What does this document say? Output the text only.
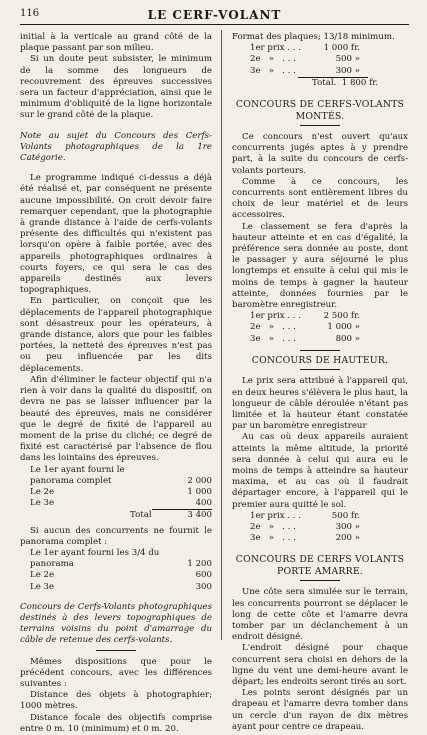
116	LE CERF-VOLANT

initial à la verticale au grand côté de la plaque passant par son milieu.

Si un doute peut subsister, le minimum de la somme des longueurs de recouvrement des épreuves successives sera un facteur d'appréciation, ainsi que le minimum d'obliquité de la ligne horizontale sur le grand côté de la plaque.

Note au sujet du Concours des Cerfs-Volants photographiques de la 1re Catégorie.

Le programme indiqué ci-dessus a déjà été réalisé et, par conséquent ne présente aucune impossibilité. On croit devoir faire remarquer cependant, que la photographie à grande distance à l'aide de cerfs-volants présente des difficultés qui n'existent pas lorsqu'on opère à faible portée, avec des appareils photographiques ordinaires à courts foyers, ce qui sera le cas des appareils destinés aux levers topographiques.

En particulier, on conçoit que les déplacements de l'appareil photographique sont désastreux pour les opérateurs, à grande distance, alors que pour les faibles portées, la netteté des épreuves n'est pas ou peu influencée par les dits déplacements.

Afin d'éliminer le facteur objectif qui n'a rien à voir dans la qualité du dispositif, on devra ne pas se laisser influencer par la beauté des épreuves, mais ne considérer que le degré de fixité de l'appareil au moment de la prise du cliché; ce degré de fixité est caractérisé par l'absence de flou dans les lointains des épreuves.

Le 1er ayant fourni le panorama complet	2 000
Le 2e	1 000
Le 3e	400
Total	3 400

Si aucun des concurrents ne fournit le panorama complet :

Le 1er ayant fourni les 3/4 du panorama	1 200
Le 2e	600
Le 3e	300

Concours de Cerfs-Volants photographiques destinés à des levers topographiques de terrains voisins du point d'amarrage du câble de retenue des cerfs-volants.

Mêmes dispositions que pour le précédent concours, avec les différences suivantes :

Distance des objets à photographier; 1000 mètres.

Distance focale des objectifs comprise entre 0 m. 10 (minimum) et 0 m. 20.

Format des plaques; 13/18 minimum.

1er prix . . .	1 000 fr.
2e   »   . . .	500 »
3e   »   . . .	300 »
Total.  1 800 fr.
CONCOURS DE CERFS-VOLANTS MONTÉS.

Ce concours n'est ouvert qu'aux concurrents jugés aptes à y prendre part, à la suite du concours de cerfs-volants porteurs.

Comme à ce concours, les concurrents sont entièrement libres du choix de leur matériel et de leurs accessoires.

Le classement se fera d'après la hauteur atteinte et en cas d'égalité, la préférence sera donnée au poste, dont le passager y aura séjourné le plus longtemps et ensuite à celui qui mis le moins de temps à gagner la hauteur atteinte, données fournies par le baromètre enregistreur.

1er prix . . .	2 500 fr.
2e   »   . . .	1 000 »
3e   »   . . .	800 »
CONCOURS DE HAUTEUR.

Le prix sera attribué à l'appareil qui, en deux heures s'élèvera le plus haut, la longueur de câble déroulée n'étant pas limitée et la hauteur étant constatée par un baromètre enregistreur

Au cas où deux appareils auraient atteints la même altitude, la priorité sera donnée à celui qui aura eu le moins de temps à atteindre sa hauteur maxima, et au cas où il faudrait départager encore, à l'appareil qui le premier aura quitté le sol.

1er prix . . .	500 fr.
2e   »   . . .	300 »
3e   »   . . .	200 »
CONCOURS DE CERFS VOLANTS PORTE AMARRE.

Une côte sera simulée sur le terrain, les concurrents pourront se déplacer le long de cette côte et l'amarre devra tomber par un déclanchement à un endroit désigné.

L'endroit désigné pour chaque concurrent sera choisi en dehors de la ligne du vent une demi-heure avant le départ; les endroits seront tirés au sort.

Les points seront désignés par un drapeau et l'amarre devra tomber dans un cercle d'un rayon de dix mètres ayant pour centre ce drapeau.
